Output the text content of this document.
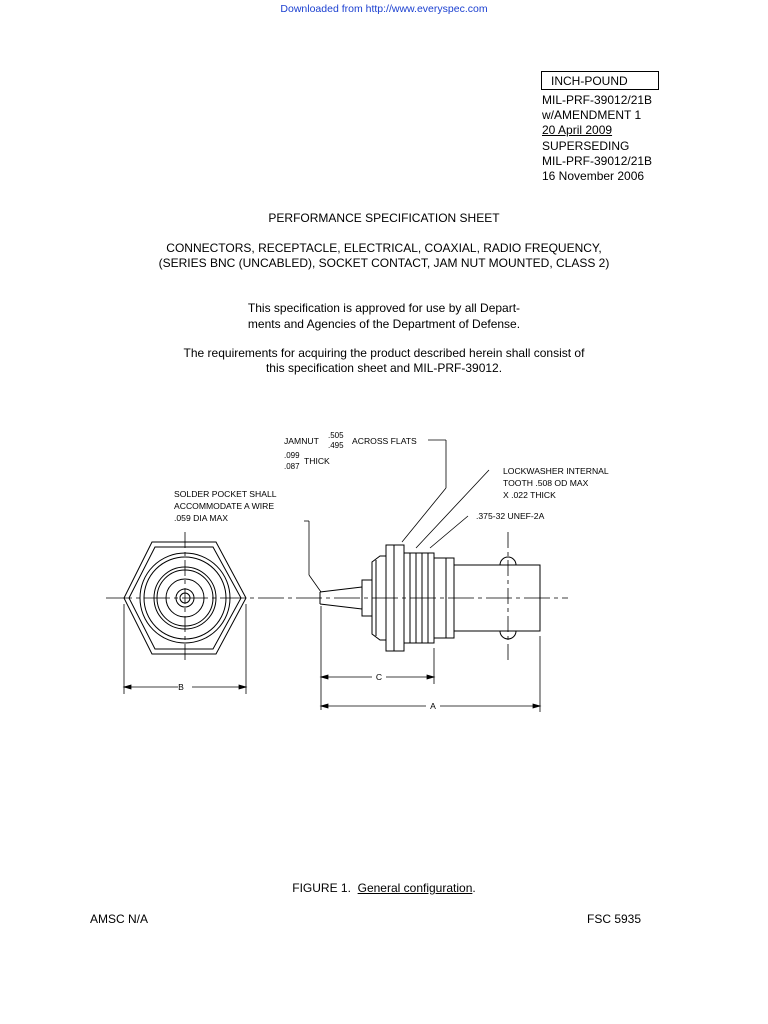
Downloaded from http://www.everyspec.com
INCH-POUND
MIL-PRF-39012/21B
w/AMENDMENT 1
20 April 2009
SUPERSEDING
MIL-PRF-39012/21B
16 November 2006
PERFORMANCE SPECIFICATION SHEET
CONNECTORS, RECEPTACLE, ELECTRICAL, COAXIAL, RADIO FREQUENCY,
(SERIES BNC (UNCABLED), SOCKET CONTACT, JAM NUT MOUNTED, CLASS 2)
This specification is approved for use by all Depart-
ments and Agencies of the Department of Defense.
The requirements for acquiring the product described herein shall consist of
this specification sheet and MIL-PRF-39012.
JAMNUT
.505
.495 ACROSS FLATS
.099
.087
THICK
SOLDER POCKET SHALL
ACCOMMODATE A WIRE
.059 DIA MAX
LOCKWASHER INTERNAL
TOOTH .508 OD MAX
X .022 THICK
.375-32 UNEF-2A
B
C
A
FIGURE 1. General configuration.
AMSC N/A	FSC 5935
